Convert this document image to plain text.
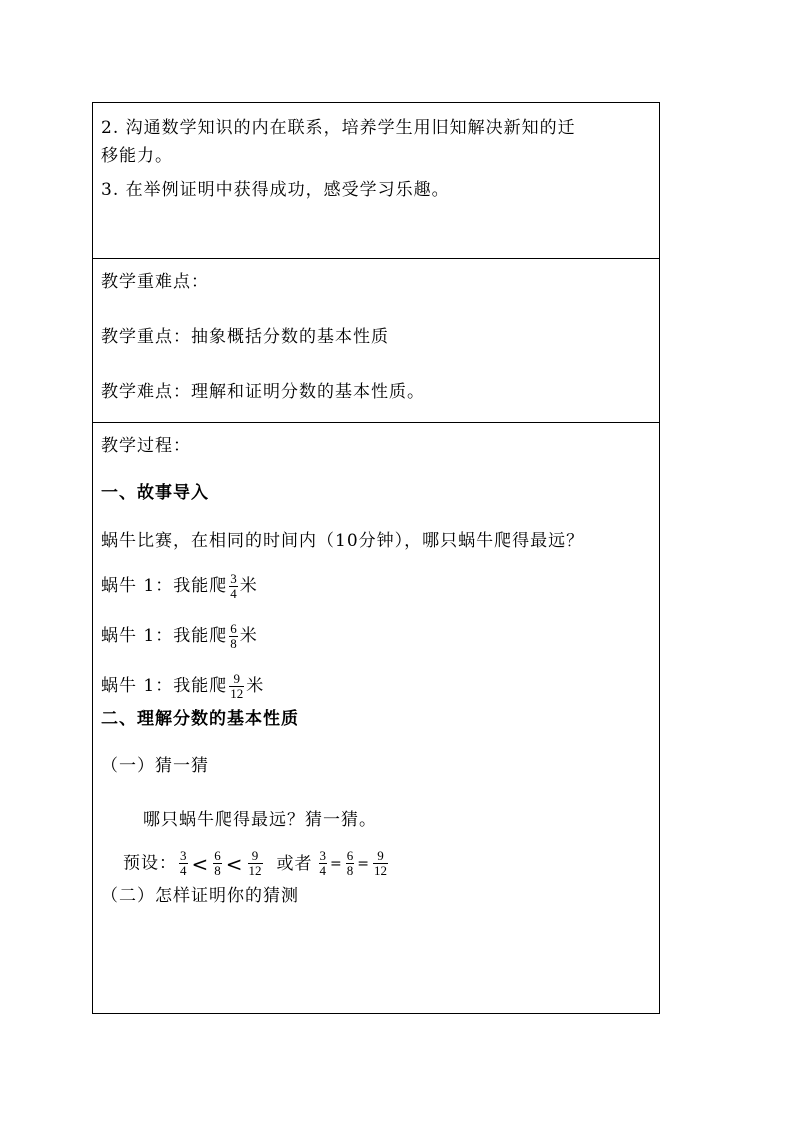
2. 沟通数学知识的内在联系，培养学生用旧知解决新知的迁
移能力。
3. 在举例证明中获得成功，感受学习乐趣。

教学重难点：
教学重点：抽象概括分数的基本性质
教学难点：理解和证明分数的基本性质。

教学过程：
一、故事导入
蜗牛比赛，在相同的时间内（10分钟），哪只蜗牛爬得最远？
蜗牛 1：我能爬 $\frac{3}{4}$ 米
蜗牛 1：我能爬 $\frac{6}{8}$ 米
蜗牛 1：我能爬 $\frac{9}{12}$ 米
二、理解分数的基本性质
（一）猜一猜
哪只蜗牛爬得最远？猜一猜。
预设： $\frac{3}{4} < \frac{6}{8} < \frac{9}{12}$ 或者 $\frac{3}{4} = \frac{6}{8} = \frac{9}{12}$
（二）怎样证明你的猜测
